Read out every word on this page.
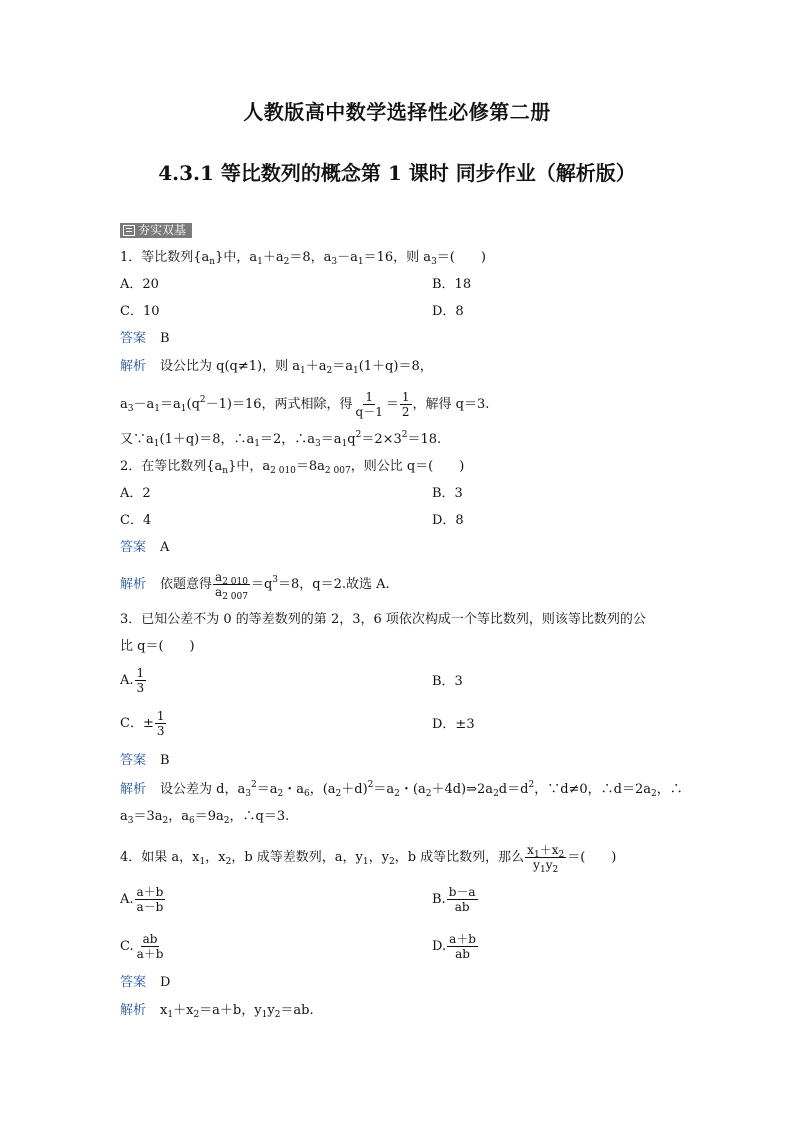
人教版高中数学选择性必修第二册
4.3.1 等比数列的概念第 1 课时 同步作业（解析版）
夯实双基
1．等比数列$\{a_n\}$中，$a_1+a_2=8$，$a_3-a_1=16$，则 $a_3=$(　　)
A．20	B．18
C．10	D．8
答案 B
解析 设公比为 q(q≠1)，则 $a_1+a_2=a_1(1+q)=8$，
$a_3-a_1=a_1(q^2-1)=16$，两式相除，得 $\frac{1}{q-1} = \frac{1}{2}$ ，解得 q＝3.
又$\because a_1(1+q)=8$，$\therefore a_1=2$，$\therefore a_3=a_1q^2=2\times 3^2=18$.
2．在等比数列$\{a_n\}$中，$a_{2 010}=8a_{2 007}$，则公比 q＝(　　)
A．2	B．3
C．4	D．8
答案 A
解析 依题意得 $\frac{a_{2 010}}{a_{2 007}} =q^3=8$，q＝2.故选 A.
3．已知公差不为 0 的等差数列的第 2，3，6 项依次构成一个等比数列，则该等比数列的公
比 q＝(　　)
A. $\frac{1}{3}$	B．3
C．± $\frac{1}{3}$	D．±3
答案 B
解析 设公差为 d，$a_3^2=a_2$・$a_6$，$(a_2+d)^2=a_2$・$(a_2+4d)\Rightarrow 2a_2d=d^2$，∵d≠0，$\therefore d=2a_2$，∴
$a_3=3a_2$，$a_6=9a_2$，∴q＝3.
4．如果 a，$x_1$，$x_2$，b 成等差数列，a，$y_1$，$y_2$，b 成等比数列，那么 $\frac{x_1+x_2}{y_1y_2}$ ＝(　　)
A. $\frac{a+b}{a-b}$	B. $\frac{b-a}{ab}$
C. $\frac{ab}{a+b}$	D. $\frac{a+b}{ab}$
答案 D
解析 $x_1+x_2=a+b$，$y_1y_2=ab$.
